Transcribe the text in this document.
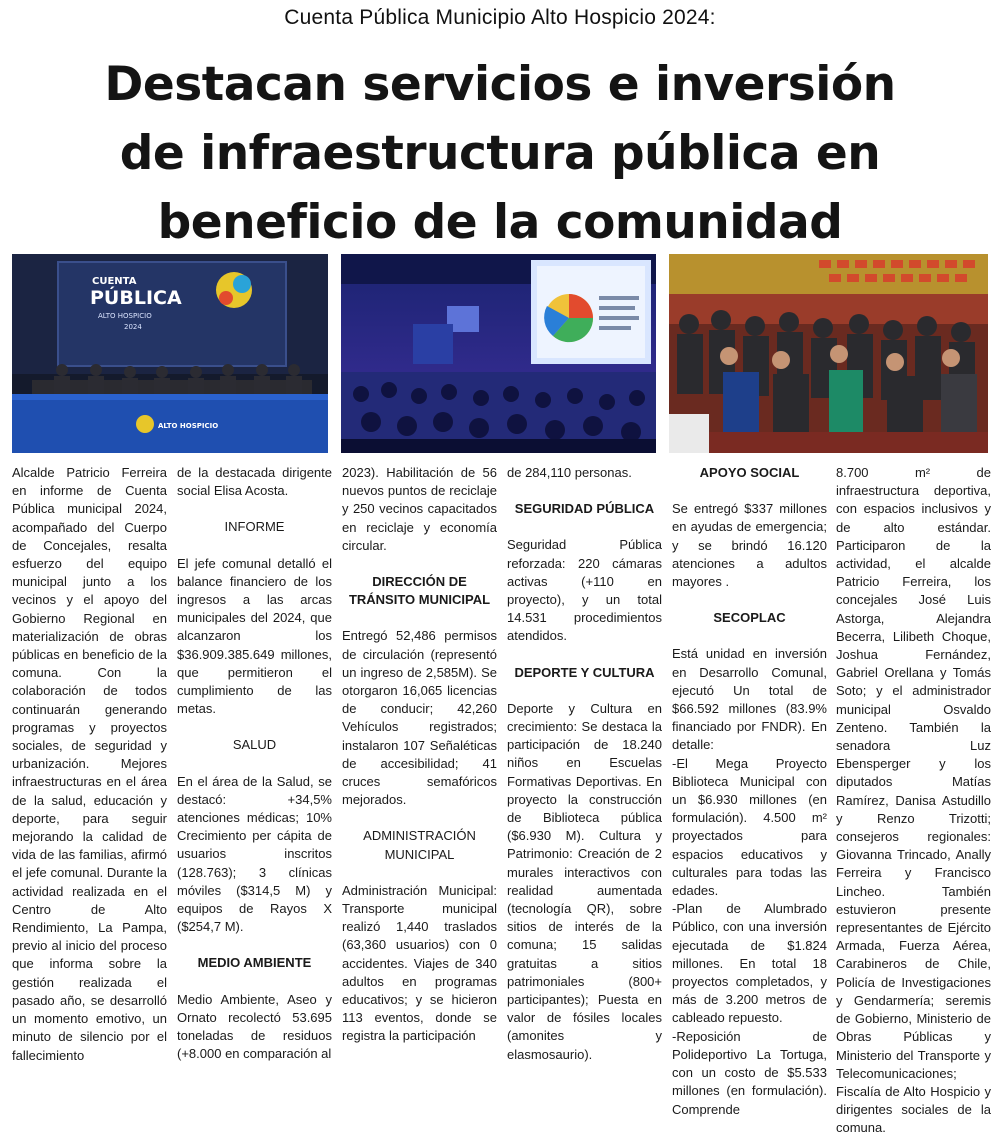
Cuenta Pública Municipio Alto Hospicio 2024:
Destacan servicios e inversión
de infraestructura pública en
beneficio de la comunidad
CUENTA
PÚBLICA
ALTO HOSPICIO
2024
ALTO HOSPICIO

Alcalde Patricio Ferreira en informe de Cuenta Pública municipal 2024, acompañado del Cuerpo de Concejales, resalta esfuerzo del equipo municipal junto a los vecinos y el apoyo del Gobierno Regional en materialización de obras públicas en beneficio de la comuna. Con la colaboración de todos continuarán generando programas y proyectos sociales, de seguridad y urbanización. Mejores infraestructuras en el área de la salud, educación y deporte, para seguir mejorando la calidad de vida de las familias, afirmó el jefe comunal. Durante la actividad realizada en el Centro de Alto Rendimiento, La Pampa, previo al inicio del proceso que informa sobre la gestión realizada el pasado año, se desarrolló un momento emotivo, un minuto de silencio por el fallecimiento

de la destacada dirigente social Elisa Acosta.

INFORME

El jefe comunal detalló el balance financiero de los ingresos a las arcas municipales del 2024, que alcanzaron los $36.909.385.649 millones, que permitieron el cumplimiento de las metas.

SALUD

En el área de la Salud, se destacó: +34,5% atenciones médicas; 10% Crecimiento per cápita de usuarios inscritos (128.763); 3 clínicas móviles ($314,5 M) y equipos de Rayos X ($254,7 M).

MEDIO AMBIENTE

Medio Ambiente, Aseo y Ornato recolectó 53.695 toneladas de residuos (+8.000 en comparación al

2023). Habilitación de 56 nuevos puntos de reciclaje y 250 vecinos capacitados en reciclaje y economía circular.

DIRECCIÓN DE TRÁNSITO MUNICIPAL

Entregó 52,486 permisos de circulación (representó un ingreso de 2,585M). Se otorgaron 16,065 licencias de conducir; 42,260 Vehículos registrados; instalaron 107 Señaléticas de accesibilidad; 41 cruces semafóricos mejorados.

ADMINISTRACIÓN MUNICIPAL

Administración Municipal: Transporte municipal realizó 1,440 traslados (63,360 usuarios) con 0 accidentes. Viajes de 340 adultos en programas educativos; y se hicieron 113 eventos, donde se registra la participación

de 284,110 personas.

SEGURIDAD PÚBLICA

Seguridad Pública reforzada: 220 cámaras activas (+110 en proyecto), y un total 14.531 procedimientos atendidos.

DEPORTE Y CULTURA

Deporte y Cultura en crecimiento: Se destaca la participación de 18.240 niños en Escuelas Formativas Deportivas. En proyecto la construcción de Biblioteca pública ($6.930 M). Cultura y Patrimonio: Creación de 2 murales interactivos con realidad aumentada (tecnología QR), sobre sitios de interés de la comuna; 15 salidas gratuitas a sitios patrimoniales (800+ participantes); Puesta en valor de fósiles locales (amonites y elasmosaurio).

APOYO SOCIAL

Se entregó $337 millones en ayudas de emergencia; y se brindó 16.120 atenciones a adultos mayores .

SECOPLAC

Está unidad en inversión en Desarrollo Comunal, ejecutó Un total de $66.592 millones (83.9% financiado por FNDR). En detalle:

-El Mega Proyecto Biblioteca Municipal con un $6.930 millones (en formulación). 4.500 m² proyectados para espacios educativos y culturales para todas las edades.

-Plan de Alumbrado Público, con una inversión ejecutada de $1.824 millones. En total 18 proyectos completados, y más de 3.200 metros de cableado repuesto.

-Reposición de Polideportivo La Tortuga, con un costo de $5.533 millones (en formulación). Comprende

8.700 m² de infraestructura deportiva, con espacios inclusivos y de alto estándar. Participaron de la actividad, el alcalde Patricio Ferreira, los concejales José Luis Astorga, Alejandra Becerra, Lilibeth Choque, Joshua Fernández, Gabriel Orellana y Tomás Soto; y el administrador municipal Osvaldo Zenteno. También la senadora Luz Ebensperger y los diputados Matías Ramírez, Danisa Astudillo y Renzo Trizotti; consejeros regionales: Giovanna Trincado, Anally Ferreira y Francisco Lincheo. También estuvieron presente representantes de Ejército Armada, Fuerza Aérea, Carabineros de Chile, Policía de Investigaciones y Gendarmería; seremis de Gobierno, Ministerio de Obras Públicas y Ministerio del Transporte y Telecomunicaciones; Fiscalía de Alto Hospicio y dirigentes sociales de la comuna.
